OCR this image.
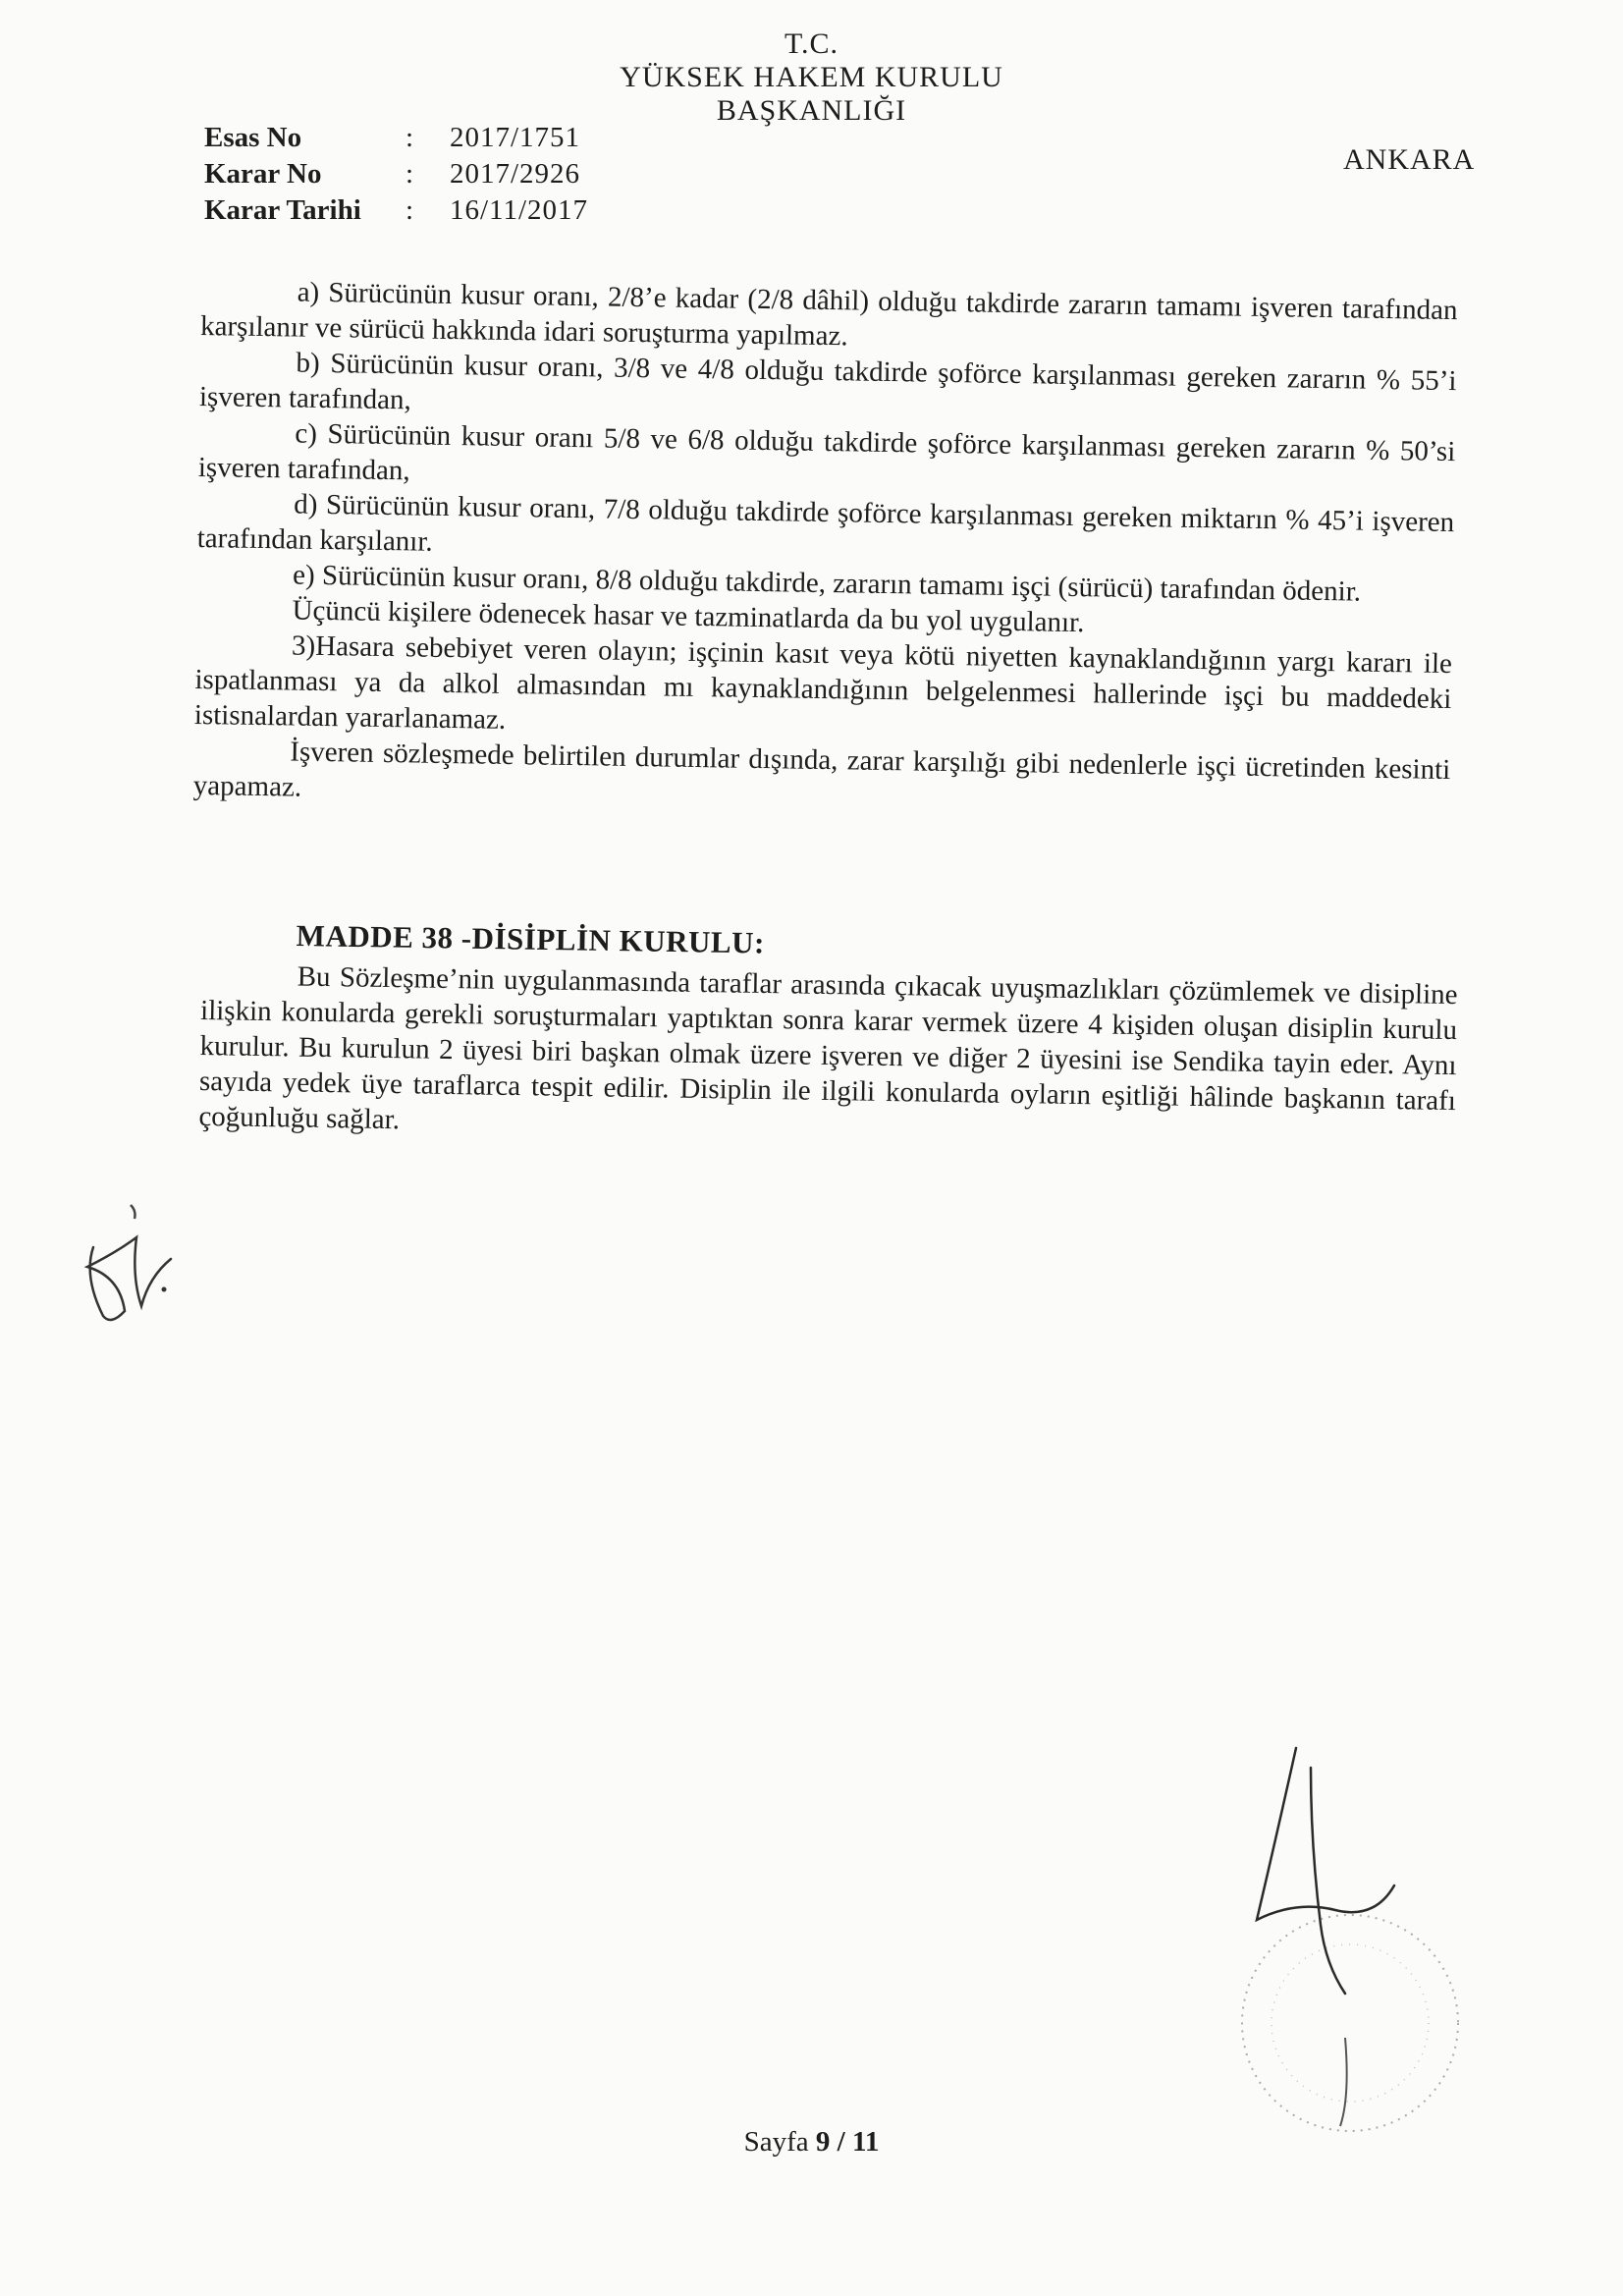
T.C.
YÜKSEK HAKEM KURULU
BAŞKANLIĞI
Esas No	:	2017/1751
Karar No	:	2017/2926
Karar Tarihi	:	16/11/2017
ANKARA

a) Sürücünün kusur oranı, 2/8’e kadar (2/8 dâhil) olduğu takdirde zararın tamamı işveren tarafından karşılanır ve sürücü hakkında idari soruşturma yapılmaz.

b) Sürücünün kusur oranı, 3/8 ve 4/8 olduğu takdirde şoförce karşılanması gereken zararın % 55’i işveren tarafından,

c) Sürücünün kusur oranı 5/8 ve 6/8 olduğu takdirde şoförce karşılanması gereken zararın % 50’si işveren tarafından,

d) Sürücünün kusur oranı, 7/8 olduğu takdirde şoförce karşılanması gereken miktarın % 45’i işveren tarafından karşılanır.

e) Sürücünün kusur oranı, 8/8 olduğu takdirde, zararın tamamı işçi (sürücü) tarafından ödenir.

Üçüncü kişilere ödenecek hasar ve tazminatlarda da bu yol uygulanır.

3)Hasara sebebiyet veren olayın; işçinin kasıt veya kötü niyetten kaynaklandığının yargı kararı ile ispatlanması ya da alkol almasından mı kaynaklandığının belgelenmesi hallerinde işçi bu maddedeki istisnalardan yararlanamaz.

İşveren sözleşmede belirtilen durumlar dışında, zarar karşılığı gibi nedenlerle işçi ücretinden kesinti yapamaz.

MADDE 38 -DİSİPLİN KURULU:

Bu Sözleşme’nin uygulanmasında taraflar arasında çıkacak uyuşmazlıkları çözümlemek ve disipline ilişkin konularda gerekli soruşturmaları yaptıktan sonra karar vermek üzere 4 kişiden oluşan disiplin kurulu kurulur. Bu kurulun 2 üyesi biri başkan olmak üzere işveren ve diğer 2 üyesini ise Sendika tayin eder. Aynı sayıda yedek üye taraflarca tespit edilir. Disiplin ile ilgili konularda oyların eşitliği hâlinde başkanın tarafı çoğunluğu sağlar.

Sayfa 9 / 11
